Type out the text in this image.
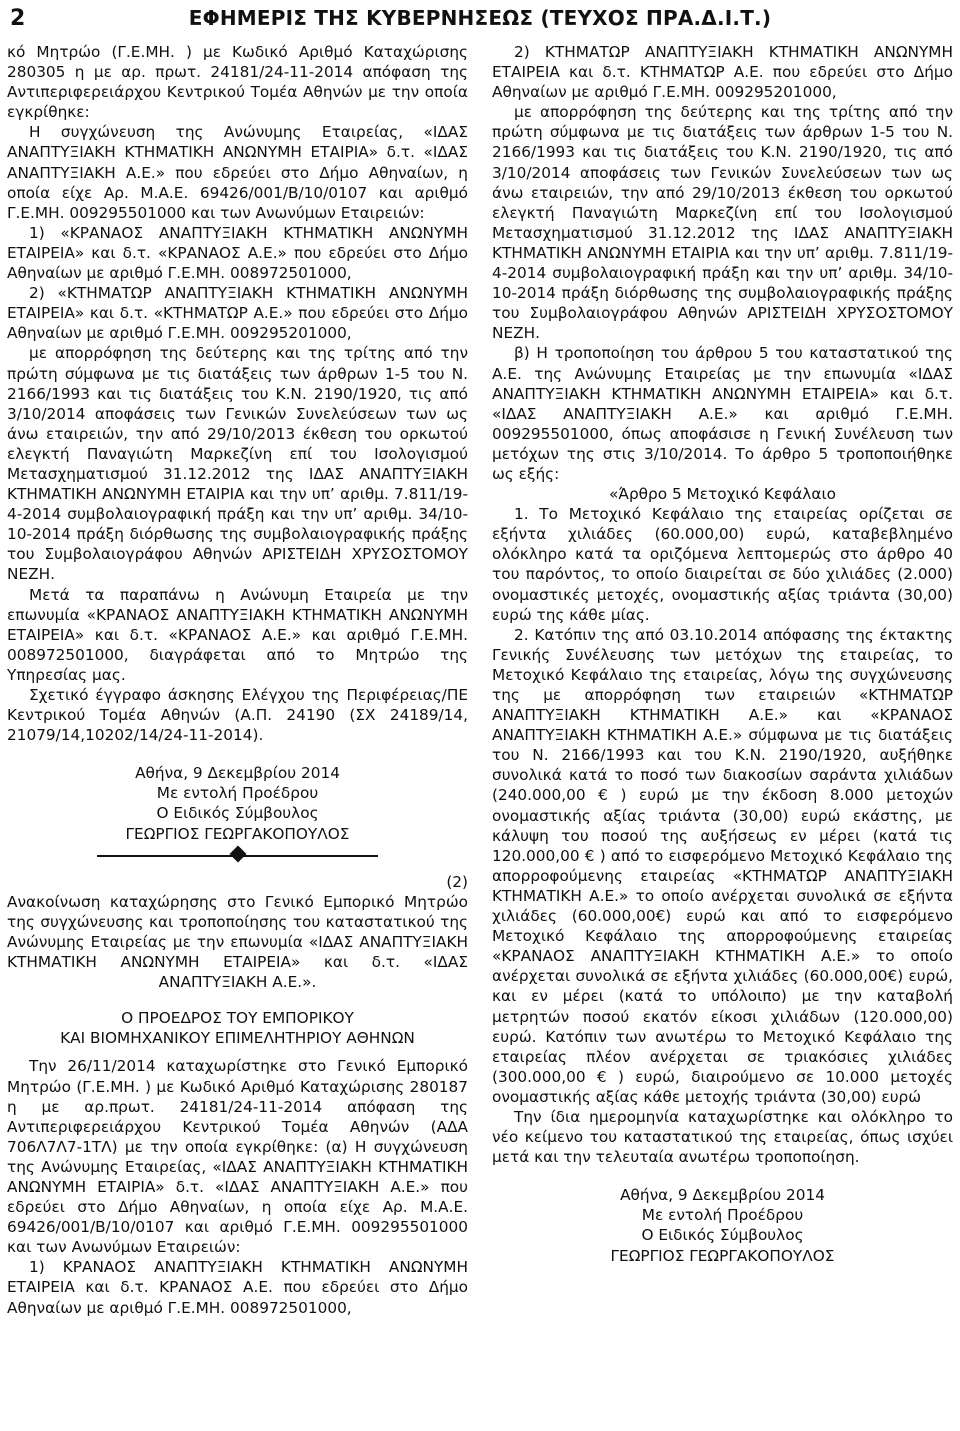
2	ΕΦΗΜΕΡΙΣ ΤΗΣ ΚΥΒΕΡΝΗΣΕΩΣ (ΤΕΥΧΟΣ ΠΡΑ.Δ.Ι.Τ.)

κό Μητρώο (Γ.Ε.ΜΗ. ) με Κωδικό Αριθμό Καταχώρισης 280305 η με αρ. πρωτ. 24181/24-11-2014 απόφαση της Αντιπεριφερειάρχου Κεντρικού Τομέα Αθηνών με την οποία εγκρίθηκε:

Η συγχώνευση της Ανώνυμης Εταιρείας, «ΙΔΑΣ ΑΝΑΠΤΥΞΙΑΚΗ ΚΤΗΜΑΤΙΚΗ ΑΝΩΝΥΜΗ ΕΤΑΙΡΙΑ» δ.τ. «ΙΔΑΣ ΑΝΑΠΤΥΞΙΑΚΗ Α.Ε.» που εδρεύει στο Δήμο Αθηναίων, η οποία είχε Αρ. Μ.Α.Ε. 69426/001/Β/10/0107 και αριθμό Γ.Ε.ΜΗ. 009295501000 και των Ανωνύμων Εταιρειών:

1) «ΚΡΑΝΑΟΣ ΑΝΑΠΤΥΞΙΑΚΗ ΚΤΗΜΑΤΙΚΗ ΑΝΩΝΥΜΗ ΕΤΑΙΡΕΙΑ» και δ.τ. «ΚΡΑΝΑΟΣ Α.Ε.» που εδρεύει στο Δήμο Αθηναίων με αριθμό Γ.Ε.ΜΗ. 008972501000,

2) «ΚΤΗΜΑΤΩΡ ΑΝΑΠΤΥΞΙΑΚΗ ΚΤΗΜΑΤΙΚΗ ΑΝΩΝΥΜΗ ΕΤΑΙΡΕΙΑ» και δ.τ. «ΚΤΗΜΑΤΩΡ Α.Ε.» που εδρεύει στο Δήμο Αθηναίων με αριθμό Γ.Ε.ΜΗ. 009295201000,

με απορρόφηση της δεύτερης και της τρίτης από την πρώτη σύμφωνα με τις διατάξεις των άρθρων 1-5 του Ν. 2166/1993 και τις διατάξεις του Κ.Ν. 2190/1920, τις από 3/10/2014 αποφάσεις των Γενικών Συνελεύσεων των ως άνω εταιρειών, την από 29/10/2013 έκθεση του ορκωτού ελεγκτή Παναγιώτη Μαρκεζίνη επί του Ισολογισμού Μετασχηματισμού 31.12.2012 της ΙΔΑΣ ΑΝΑΠΤΥΞΙΑΚΗ ΚΤΗΜΑΤΙΚΗ ΑΝΩΝΥΜΗ ΕΤΑΙΡΙΑ και την υπ’ αριθμ. 7.811/19-4-2014 συμβολαιογραφική πράξη και την υπ’ αριθμ. 34/10-10-2014 πράξη διόρθωσης της συμβολαιογραφικής πράξης του Συμβολαιογράφου Αθηνών ΑΡΙΣΤΕΙΔΗ ΧΡΥΣΟΣΤΟΜΟΥ ΝΕΖΗ.

Μετά τα παραπάνω η Ανώνυμη Εταιρεία με την επωνυμία «ΚΡΑΝΑΟΣ ΑΝΑΠΤΥΞΙΑΚΗ ΚΤΗΜΑΤΙΚΗ ΑΝΩΝΥΜΗ ΕΤΑΙΡΕΙΑ» και δ.τ. «ΚΡΑΝΑΟΣ Α.Ε.» και αριθμό Γ.Ε.ΜΗ. 008972501000, διαγράφεται από το Μητρώο της Υπηρεσίας μας.

Σχετικό έγγραφο άσκησης Ελέγχου της Περιφέρειας/ΠΕ Κεντρικού Τομέα Αθηνών (Α.Π. 24190 (ΣΧ 24189/14, 21079/14,10202/14/24-11-2014).

Αθήνα, 9 Δεκεμβρίου 2014

Με εντολή Προέδρου

Ο Ειδικός Σύμβουλος

ΓΕΩΡΓΙΟΣ ΓΕΩΡΓΑΚΟΠΟΥΛΟΣ

(2)

Ανακοίνωση καταχώρησης στο Γενικό Εμπορικό Μητρώο της συγχώνευσης και τροποποίησης του καταστατικού της Ανώνυμης Εταιρείας με την επωνυμία «ΙΔΑΣ ΑΝΑΠΤΥΞΙΑΚΗ ΚΤΗΜΑΤΙΚΗ ΑΝΩΝΥΜΗ ΕΤΑΙΡΕΙΑ» και δ.τ. «ΙΔΑΣ ΑΝΑΠΤΥΞΙΑΚΗ Α.Ε.».

Ο ΠΡΟΕΔΡΟΣ ΤΟΥ ΕΜΠΟΡΙΚΟΥ

ΚΑΙ ΒΙΟΜΗΧΑΝΙΚΟΥ ΕΠΙΜΕΛΗΤΗΡΙΟΥ ΑΘΗΝΩΝ

Την 26/11/2014 καταχωρίστηκε στο Γενικό Εμπορικό Μητρώο (Γ.Ε.ΜΗ. ) με Κωδικό Αριθμό Καταχώρισης 280187 η με αρ.πρωτ. 24181/24-11-2014 απόφαση της Αντιπεριφερειάρχου Κεντρικού Τομέα Αθηνών (ΑΔΑ 706Λ7Λ7-1ΤΛ) με την οποία εγκρίθηκε: (α) Η συγχώνευση της Ανώνυμης Εταιρείας, «ΙΔΑΣ ΑΝΑΠΤΥΞΙΑΚΗ ΚΤΗΜΑΤΙΚΗ ΑΝΩΝΥΜΗ ΕΤΑΙΡΙΑ» δ.τ. «ΙΔΑΣ ΑΝΑΠΤΥΞΙΑΚΗ Α.Ε.» που εδρεύει στο Δήμο Αθηναίων, η οποία είχε Αρ. Μ.Α.Ε. 69426/001/Β/10/0107 και αριθμό Γ.Ε.ΜΗ. 009295501000 και των Ανωνύμων Εταιρειών:

1) ΚΡΑΝΑΟΣ ΑΝΑΠΤΥΞΙΑΚΗ ΚΤΗΜΑΤΙΚΗ ΑΝΩΝΥΜΗ ΕΤΑΙΡΕΙΑ και δ.τ. ΚΡΑΝΑΟΣ Α.Ε. που εδρεύει στο Δήμο Αθηναίων με αριθμό Γ.Ε.ΜΗ. 008972501000,

2) ΚΤΗΜΑΤΩΡ ΑΝΑΠΤΥΞΙΑΚΗ ΚΤΗΜΑΤΙΚΗ ΑΝΩΝΥΜΗ ΕΤΑΙΡΕΙΑ και δ.τ. ΚΤΗΜΑΤΩΡ Α.Ε. που εδρεύει στο Δήμο Αθηναίων με αριθμό Γ.Ε.ΜΗ. 009295201000,

με απορρόφηση της δεύτερης και της τρίτης από την πρώτη σύμφωνα με τις διατάξεις των άρθρων 1-5 του Ν. 2166/1993 και τις διατάξεις του Κ.Ν. 2190/1920, τις από 3/10/2014 αποφάσεις των Γενικών Συνελεύσεων των ως άνω εταιρειών, την από 29/10/2013 έκθεση του ορκωτού ελεγκτή Παναγιώτη Μαρκεζίνη επί του Ισολογισμού Μετασχηματισμού 31.12.2012 της ΙΔΑΣ ΑΝΑΠΤΥΞΙΑΚΗ ΚΤΗΜΑΤΙΚΗ ΑΝΩΝΥΜΗ ΕΤΑΙΡΙΑ και την υπ’ αριθμ. 7.811/19-4-2014 συμβολαιογραφική πράξη και την υπ’ αριθμ. 34/10-10-2014 πράξη διόρθωσης της συμβολαιογραφικής πράξης του Συμβολαιογράφου Αθηνών ΑΡΙΣΤΕΙΔΗ ΧΡΥΣΟΣΤΟΜΟΥ ΝΕΖΗ.

β) Η τροποποίηση του άρθρου 5 του καταστατικού της Α.Ε. της Ανώνυμης Εταιρείας με την επωνυμία «ΙΔΑΣ ΑΝΑΠΤΥΞΙΑΚΗ ΚΤΗΜΑΤΙΚΗ ΑΝΩΝΥΜΗ ΕΤΑΙΡΕΙΑ» και δ.τ. «ΙΔΑΣ ΑΝΑΠΤΥΞΙΑΚΗ Α.Ε.» και αριθμό Γ.Ε.ΜΗ. 009295501000, όπως αποφάσισε η Γενική Συνέλευση των μετόχων της στις 3/10/2014. Το άρθρο 5 τροποποιήθηκε ως εξής:

«Άρθρο 5 Μετοχικό Κεφάλαιο

1. Το Μετοχικό Κεφάλαιο της εταιρείας ορίζεται σε εξήντα χιλιάδες (60.000,00) ευρώ, καταβεβλημένο ολόκληρο κατά τα οριζόμενα λεπτομερώς στο άρθρο 40 του παρόντος, το οποίο διαιρείται σε δύο χιλιάδες (2.000) ονομαστικές μετοχές, ονομαστικής αξίας τριάντα (30,00) ευρώ της κάθε μίας.

2. Κατόπιν της από 03.10.2014 απόφασης της έκτακτης Γενικής Συνέλευσης των μετόχων της εταιρείας, το Μετοχικό Κεφάλαιο της εταιρείας, λόγω της συγχώνευσης της με απορρόφηση των εταιρειών «ΚΤΗΜΑΤΩΡ ΑΝΑΠΤΥΞΙΑΚΗ ΚΤΗΜΑΤΙΚΗ Α.Ε.» και «ΚΡΑΝΑΟΣ ΑΝΑΠΤΥΞΙΑΚΗ ΚΤΗΜΑΤΙΚΗ Α.Ε.» σύμφωνα με τις διατάξεις του Ν. 2166/1993 και του Κ.Ν. 2190/1920, αυξήθηκε συνολικά κατά το ποσό των διακοσίων σαράντα χιλιάδων (240.000,00 € ) ευρώ με την έκδοση 8.000 μετοχών ονομαστικής αξίας τριάντα (30,00) ευρώ εκάστης, με κάλυψη του ποσού της αυξήσεως εν μέρει (κατά τις 120.000,00 € ) από το εισφερόμενο Μετοχικό Κεφάλαιο της απορροφούμενης εταιρείας «ΚΤΗΜΑΤΩΡ ΑΝΑΠΤΥΞΙΑΚΗ ΚΤΗΜΑΤΙΚΗ Α.Ε.» το οποίο ανέρχεται συνολικά σε εξήντα χιλιάδες (60.000,00€) ευρώ και από το εισφερόμενο Μετοχικό Κεφάλαιο της απορροφούμενης εταιρείας «ΚΡΑΝΑΟΣ ΑΝΑΠΤΥΞΙΑΚΗ ΚΤΗΜΑΤΙΚΗ Α.Ε.» το οποίο ανέρχεται συνολικά σε εξήντα χιλιάδες (60.000,00€) ευρώ, και εν μέρει (κατά το υπόλοιπο) με την καταβολή μετρητών ποσού εκατόν είκοσι χιλιάδων (120.000,00) ευρώ. Κατόπιν των ανωτέρω το Μετοχικό Κεφάλαιο της εταιρείας πλέον ανέρχεται σε τριακόσιες χιλιάδες (300.000,00 € ) ευρώ, διαιρούμενο σε 10.000 μετοχές ονομαστικής αξίας κάθε μετοχής τριάντα (30,00) ευρώ

Την ίδια ημερομηνία καταχωρίστηκε και ολόκληρο το νέο κείμενο του καταστατικού της εταιρείας, όπως ισχύει μετά και την τελευταία ανωτέρω τροποποίηση.

Αθήνα, 9 Δεκεμβρίου 2014

Με εντολή Προέδρου

Ο Ειδικός Σύμβουλος

ΓΕΩΡΓΙΟΣ ΓΕΩΡΓΑΚΟΠΟΥΛΟΣ
